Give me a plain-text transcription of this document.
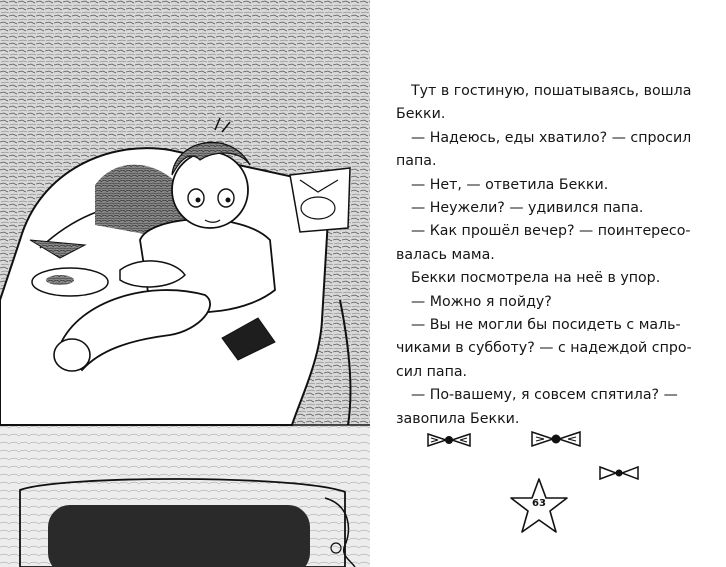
Тут в гостиную, пошатываясь, вошла

Бекки.

— Надеюсь, еды хватило? — спросил

папа.

— Нет, — ответила Бекки.

— Неужели? — удивился папа.

— Как прошёл вечер? — поинтересо-

валась мама.

Бекки посмотрела на неё в упор.

— Можно я пойду?

— Вы не могли бы посидеть с маль-

чиками в субботу? — с надеждой спро-

сил папа.

— По-вашему, я совсем спятила? —

завопила Бекки.

63
